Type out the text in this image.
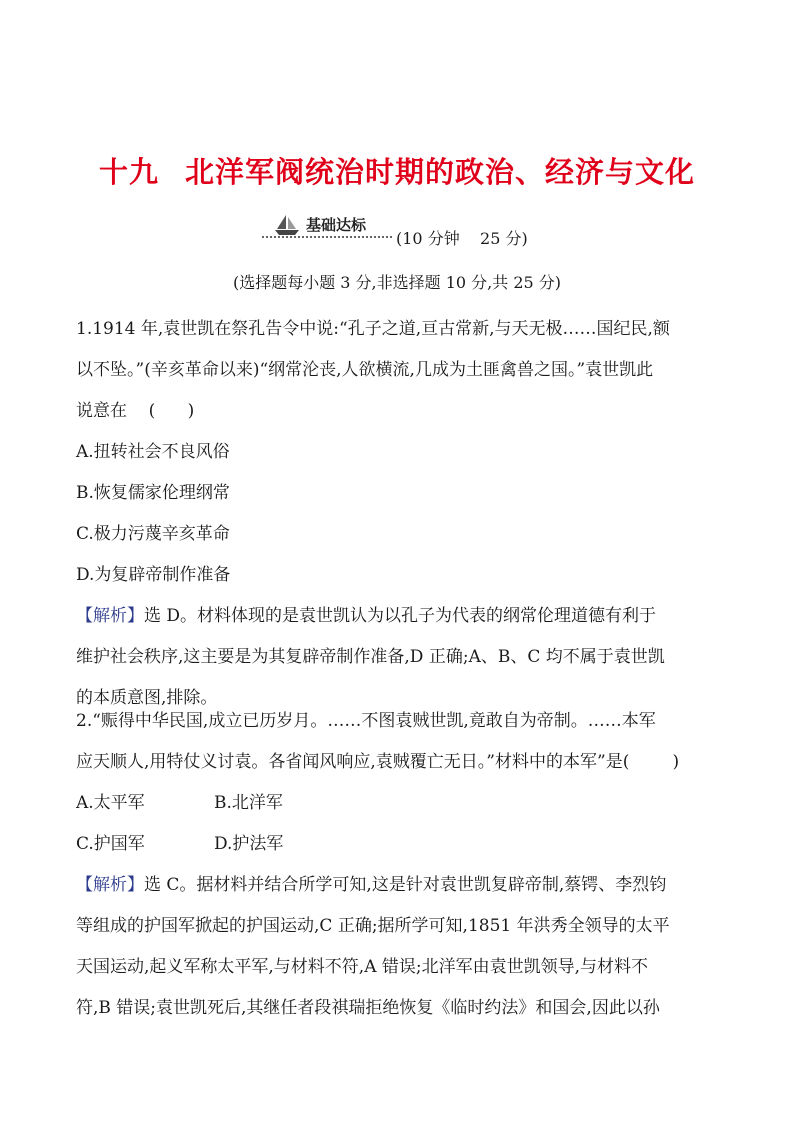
十九 北洋军阀统治时期的政治、经济与文化
基础达标
(10 分钟    25 分)
(选择题每小题 3 分,非选择题 10 分,共 25 分)

1.1914 年,袁世凯在祭孔告令中说:“孔子之道,亘古常新,与天无极……国纪民,额

以不坠。”(辛亥革命以来)“纲常沦丧,人欲横流,几成为土匪禽兽之国。”袁世凯此

说意在    (      )

A.扭转社会不良风俗

B.恢复儒家伦理纲常

C.极力污蔑辛亥革命

D.为复辟帝制作准备

【解析】选 D。材料体现的是袁世凯认为以孔子为代表的纲常伦理道德有利于

维护社会秩序,这主要是为其复辟帝制作准备,D 正确;A、B、C 均不属于袁世凯

的本质意图,排除。

2.“赈得中华民国,成立已历岁月。……不图袁贼世凯,竟敢自为帝制。……本军

应天顺人,用特仗义讨袁。各省闻风响应,袁贼覆亡无日。”材料中的本军”是(        )

A.太平军	B.北洋军

C.护国军	D.护法军

【解析】选 C。据材料并结合所学可知,这是针对袁世凯复辟帝制,蔡锷、李烈钧

等组成的护国军掀起的护国运动,C 正确;据所学可知,1851 年洪秀全领导的太平

天国运动,起义军称太平军,与材料不符,A 错误;北洋军由袁世凯领导,与材料不

符,B 错误;袁世凯死后,其继任者段祺瑞拒绝恢复《临时约法》和国会,因此以孙
